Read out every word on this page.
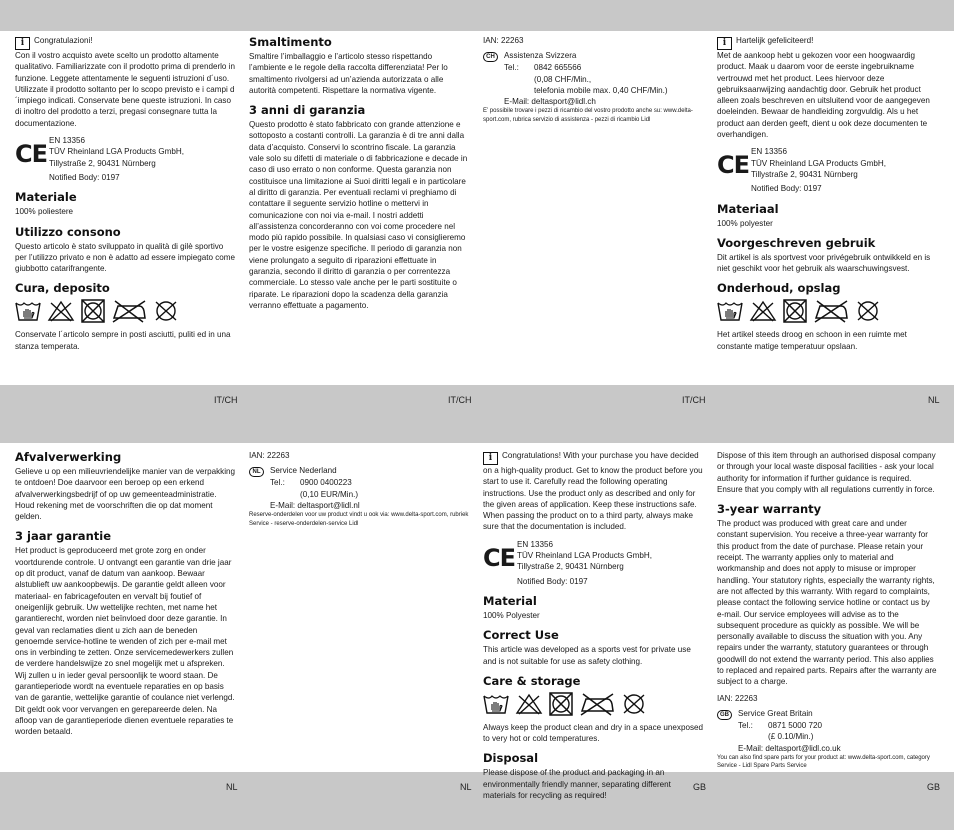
IT/CH	IT/CH	IT/CH	NL
NL	NL	GB	GB

i Congratulazioni!

Con il vostro acquisto avete scelto un prodotto altamente qualitativo. Familiarizzate con il prodotto prima di prenderlo in funzione. Leggete attentamente le seguenti istruzioni d´uso. Utilizzate il prodotto soltanto per lo scopo previsto e i campi d´impiego indicati. Conservate bene queste istruzioni. In caso di inoltro del prodotto a terzi, pregasi consegnare tutta la documentazione.

CE EN 13356

TÜV Rheinland LGA Products GmbH,

Tillystraße 2, 90431 Nürnberg

Notified Body: 0197

Materiale

100% poliestere

Utilizzo consono

Questo articolo è stato sviluppato in qualità di gilè sportivo per l’utilizzo privato e non è adatto ad essere impiegato come giubbotto catarifrangente.

Cura, deposito

Conservate l´articolo sempre in posti asciutti, puliti ed in una stanza temperata.

Smaltimento

Smaltire l’imballaggio e l’articolo stesso rispettando l’ambiente e le regole della raccolta differenziata! Per lo smaltimento rivolgersi ad un’azienda autorizzata o alle autorità competenti. Rispettare la normativa vigente.

3 anni di garanzia

Questo prodotto è stato fabbricato con grande attenzione e sottoposto a costanti controlli. La garanzia è di tre anni dalla data d’acquisto. Conservi lo scontrino fiscale. La garanzia vale solo su difetti di materiale o di fabbricazione e decade in caso di uso errato o non conforme. Questa garanzia non costituisce una limitazione ai Suoi diritti legali e in particolare al diritto di garanzia. Per eventuali reclami vi preghiamo di contattare il seguente servizio hotline o mettervi in comunicazione con noi via e-mail. I nostri addetti all’assistenza concorderanno con voi come procedere nel modo più rapido possibile. In qualsiasi caso vi consiglieremo per le vostre esigenze specifiche. Il periodo di garanzia non viene prolungato a seguito di riparazioni effettuate in garanzia, secondo il diritto di garanzia o per correntezza commerciale. Lo stesso vale anche per le parti sostituite o riparate. Le riparazioni dopo la scadenza della garanzia verranno effettuate a pagamento.

IAN: 22263

CH Assistenza Svizzera

Tel.:	0842 665566

(0,08 CHF/Min.,

telefonia mobile max. 0,40 CHF/Min.)

E-Mail: deltasport@lidl.ch

E’ possibile trovare i pezzi di ricambio del vostro prodotto anche su: www.delta-sport.com, rubrica servizio di assistenza - pezzi di ricambio Lidl

i Hartelijk gefeliciteerd!

Met de aankoop hebt u gekozen voor een hoogwaardig product. Maak u daarom voor de eerste ingebruikname vertrouwd met het product. Lees hiervoor deze gebruiksaanwijzing aandachtig door. Gebruik het product alleen zoals beschreven en uitsluitend voor de aangegeven doeleinden. Bewaar de handleiding zorgvuldig. Als u het product aan derden geeft, dient u ook deze documenten te overhandigen.

CE EN 13356

TÜV Rheinland LGA Products GmbH,

Tillystraße 2, 90431 Nürnberg

Notified Body: 0197

Materiaal

100% polyester

Voorgeschreven gebruik

Dit artikel is als sportvest voor privégebruik ontwikkeld en is niet geschikt voor het gebruik als waarschuwingsvest.

Onderhoud, opslag

Het artikel steeds droog en schoon in een ruimte met constante matige temperatuur opslaan.

Afvalverwerking

Gelieve u op een milieuvriendelijke manier van de verpakking te ontdoen! Doe daarvoor een beroep op een erkend afvalverwerkingsbedrijf of op uw gemeenteadministratie. Houd rekening met de voorschriften die op dat moment gelden.

3 jaar garantie

Het product is geproduceerd met grote zorg en onder voortdurende controle. U ontvangt een garantie van drie jaar op dit product, vanaf de datum van aankoop. Bewaar alstublieft uw aankoopbewijs. De garantie geldt alleen voor materiaal- en fabricagefouten en vervalt bij foutief of oneigenlijk gebruik. Uw wettelijke rechten, met name het garantierecht, worden niet beïnvloed door deze garantie. In geval van reclamaties dient u zich aan de beneden genoemde service-hotline te wenden of zich per e-mail met ons in verbinding te zetten. Onze servicemedewerkers zullen de verdere handelswijze zo snel mogelijk met u afspreken. Wij zullen u in ieder geval persoonlijk te woord staan. De garantieperiode wordt na eventuele reparaties en op basis van de garantie, wettelijke garantie of coulance niet verlengd. Dit geldt ook voor vervangen en gerepareerde delen. Na afloop van de garantieperiode dienen eventuele reparaties te worden betaald.

IAN: 22263

NL Service Nederland

Tel.:	0900 0400223

(0,10 EUR/Min.)

E-Mail: deltasport@lidl.nl

Reserve-onderdelen voor uw product vindt u ook via: www.delta-sport.com, rubriek Service - reserve-onderdelen-service Lidl

i Congratulations! With your purchase you have decided on a high-quality product. Get to know the product before you start to use it. Carefully read the following operating instructions. Use the product only as described and only for the given areas of application. Keep these instructions safe. When passing the product on to a third party, always make sure that the documentation is included.

CE EN 13356

TÜV Rheinland LGA Products GmbH,

Tillystraße 2, 90431 Nürnberg

Notified Body: 0197

Material

100% Polyester

Correct Use

This article was developed as a sports vest for private use and is not suitable for use as safety clothing.

Care & storage

Always keep the product clean and dry in a space unexposed to very hot or cold temperatures.

Disposal

Please dispose of the product and packaging in an environmentally friendly manner, separating different materials for recycling as required!

Dispose of this item through an authorised disposal company or through your local waste disposal facilities - ask your local authority for information if further guidance is required. Ensure that you comply with all regulations currently in force.

3-year warranty

The product was produced with great care and under constant supervision. You receive a three-year warranty for this product from the date of purchase. Please retain your receipt. The warranty applies only to material and workmanship and does not apply to misuse or improper handling. Your statutory rights, especially the warranty rights, are not affected by this warranty. With regard to complaints, please contact the following service hotline or contact us by e-mail. Our service employees will advise as to the subsequent procedure as quickly as possible. We will be personally available to discuss the situation with you. Any repairs under the warranty, statutory guarantees or through goodwill do not extend the warranty period. This also applies to replaced and repaired parts. Repairs after the warranty are subject to a charge.

IAN: 22263

GB Service Great Britain

Tel.:	0871 5000 720

(£ 0.10/Min.)

E-Mail: deltasport@lidl.co.uk

You can also find spare parts for your product at: www.delta-sport.com, category Service - Lidl Spare Parts Service
